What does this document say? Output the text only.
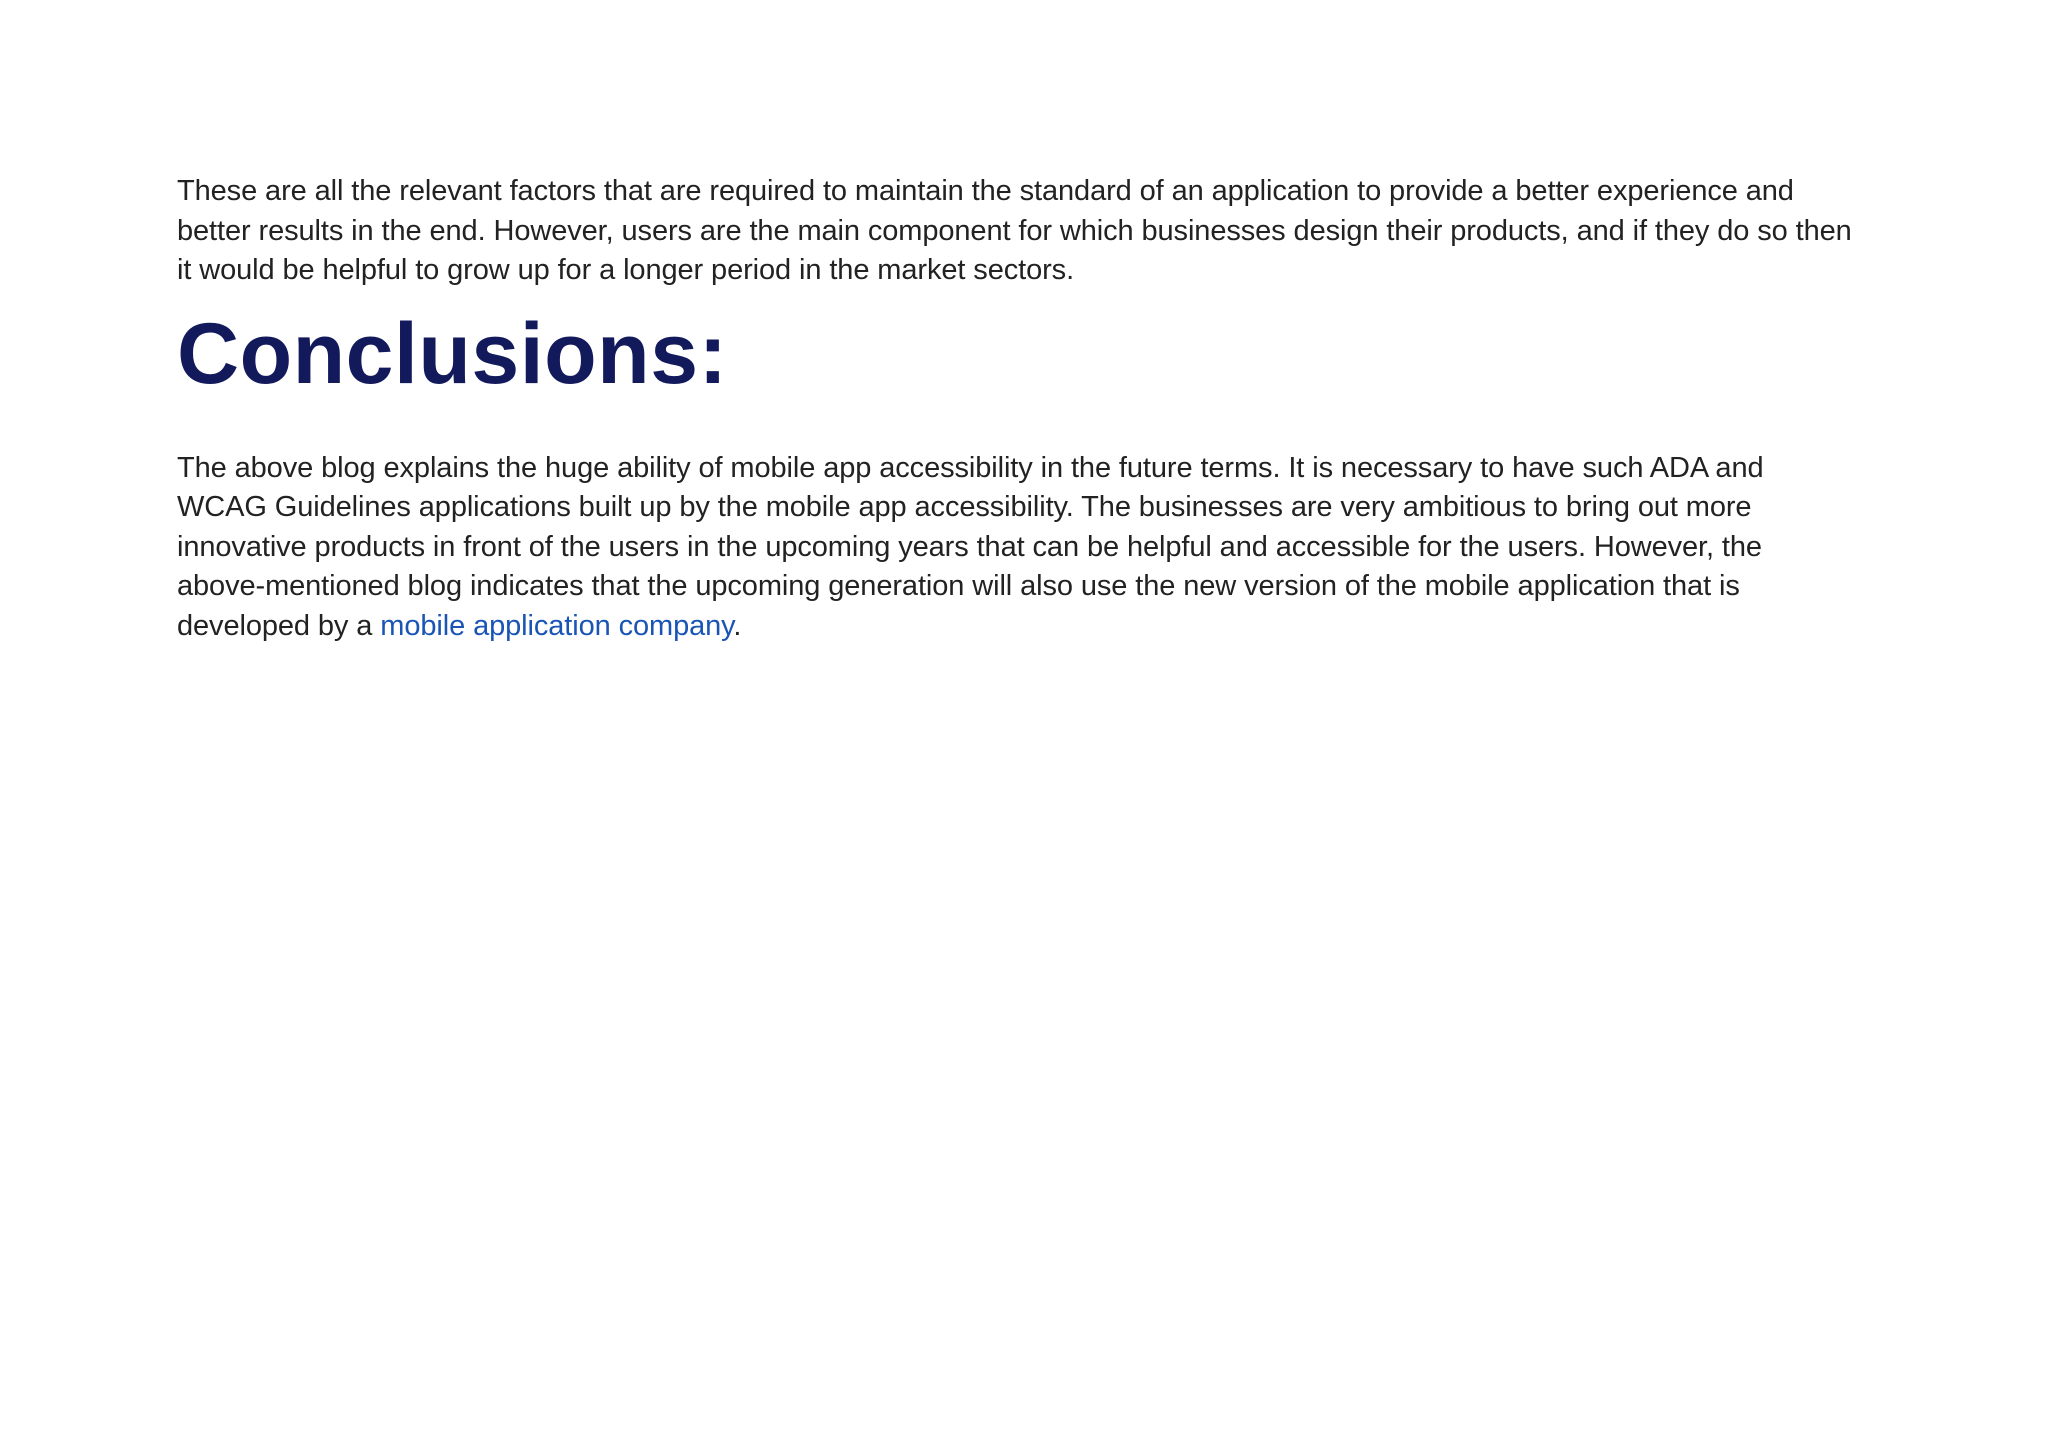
These are all the relevant factors that are required to maintain the standard of an application to provide a better experience and better results in the end. However, users are the main component for which businesses design their products, and if they do so then it would be helpful to grow up for a longer period in the market sectors.

Conclusions:

The above blog explains the huge ability of mobile app accessibility in the future terms. It is necessary to have such ADA and WCAG Guidelines applications built up by the mobile app accessibility. The businesses are very ambitious to bring out more innovative products in front of the users in the upcoming years that can be helpful and accessible for the users. However, the above-mentioned blog indicates that the upcoming generation will also use the new version of the mobile application that is developed by a mobile application company.
